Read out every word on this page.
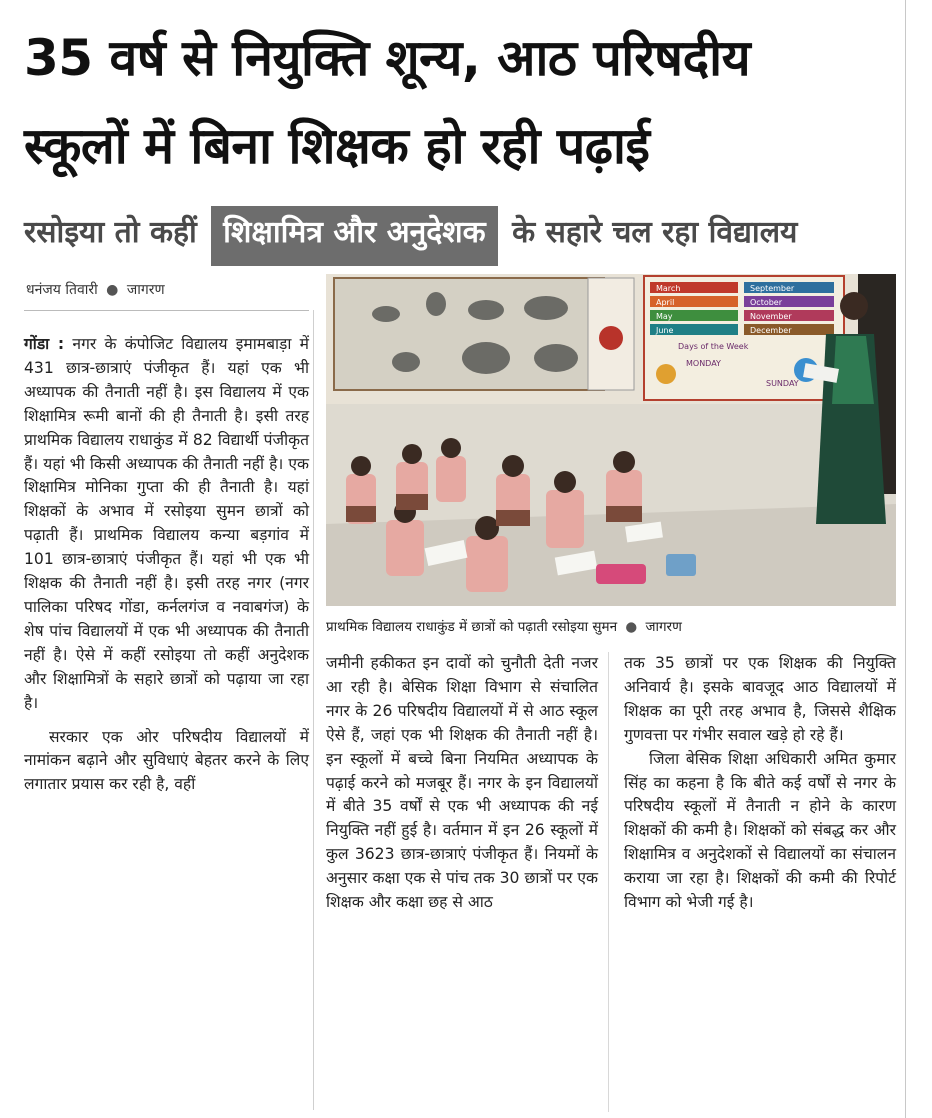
35 वर्ष से नियुक्ति शून्य, आठ परिषदीय
स्कूलों में बिना शिक्षक हो रही पढ़ाई
रसोइया तो कहीं शिक्षामित्र और अनुदेशक के सहारे चल रहा विद्यालय
धनंजय तिवारी ● जागरण

गोंडा : नगर के कंपोजिट विद्यालय इमामबाड़ा में 431 छात्र-छात्राएं पंजीकृत हैं। यहां एक भी अध्यापक की तैनाती नहीं है। इस विद्यालय में एक शिक्षामित्र रूमी बानों की ही तैनाती है। इसी तरह प्राथमिक विद्यालय राधाकुंड में 82 विद्यार्थी पंजीकृत हैं। यहां भी किसी अध्यापक की तैनाती नहीं है। एक शिक्षामित्र मोनिका गुप्ता की ही तैनाती है। यहां शिक्षकों के अभाव में रसोइया सुमन छात्रों को पढ़ाती हैं। प्राथमिक विद्यालय कन्या बड़गांव में 101 छात्र-छात्राएं पंजीकृत हैं। यहां भी एक भी शिक्षक की तैनाती नहीं है। इसी तरह नगर (नगर पालिका परिषद गोंडा, कर्नलगंज व नवाबगंज) के शेष पांच विद्यालयों में एक भी अध्यापक की तैनाती नहीं है। ऐसे में कहीं रसोइया तो कहीं अनुदेशक और शिक्षामित्रों के सहारे छात्रों को पढ़ाया जा रहा है।

सरकार एक ओर परिषदीय विद्यालयों में नामांकन बढ़ाने और सुविधाएं बेहतर करने के लिए लगातार प्रयास कर रही है, वहीं

March	September
April	October
May	November
June	December
Days of the Week
MONDAY
SUNDAY
प्राथमिक विद्यालय राधाकुंड में छात्रों को पढ़ाती रसोइया सुमन ● जागरण

जमीनी हकीकत इन दावों को चुनौती देती नजर आ रही है। बेसिक शिक्षा विभाग से संचालित नगर के 26 परिषदीय विद्यालयों में से आठ स्कूल ऐसे हैं, जहां एक भी शिक्षक की तैनाती नहीं है। इन स्कूलों में बच्चे बिना नियमित अध्यापक के पढ़ाई करने को मजबूर हैं। नगर के इन विद्यालयों में बीते 35 वर्षों से एक भी अध्यापक की नई नियुक्ति नहीं हुई है। वर्तमान में इन 26 स्कूलों में कुल 3623 छात्र-छात्राएं पंजीकृत हैं। नियमों के अनुसार कक्षा एक से पांच तक 30 छात्रों पर एक शिक्षक और कक्षा छह से आठ

तक 35 छात्रों पर एक शिक्षक की नियुक्ति अनिवार्य है। इसके बावजूद आठ विद्यालयों में शिक्षक का पूरी तरह अभाव है, जिससे शैक्षिक गुणवत्ता पर गंभीर सवाल खड़े हो रहे हैं।

जिला बेसिक शिक्षा अधिकारी अमित कुमार सिंह का कहना है कि बीते कई वर्षों से नगर के परिषदीय स्कूलों में तैनाती न होने के कारण शिक्षकों की कमी है। शिक्षकों को संबद्ध कर और शिक्षामित्र व अनुदेशकों से विद्यालयों का संचालन कराया जा रहा है। शिक्षकों की कमी की रिपोर्ट विभाग को भेजी गई है।
